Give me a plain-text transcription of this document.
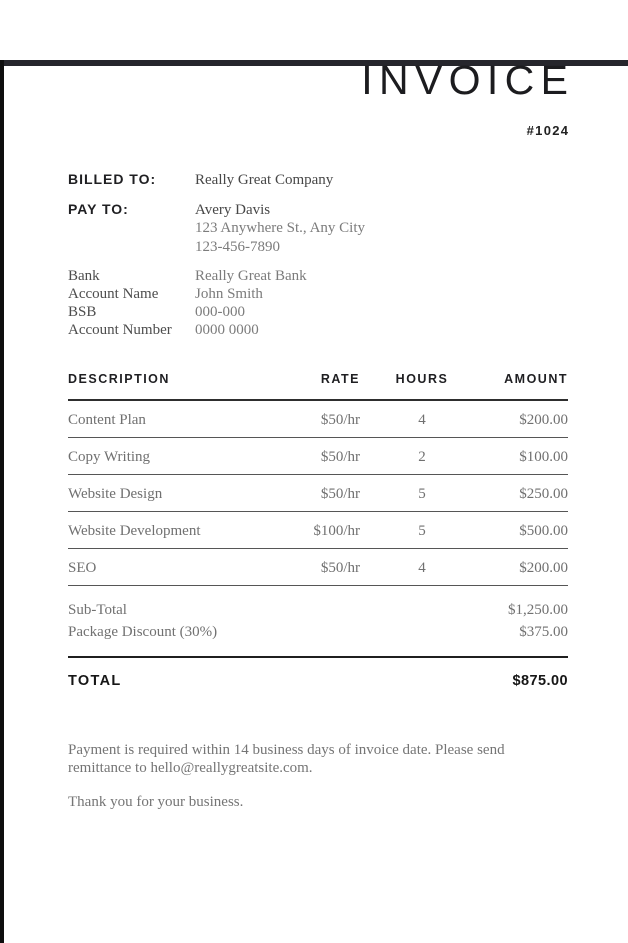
INVOICE
#1024
BILLED TO:	Really Great Company
PAY TO:	Avery Davis
123 Anywhere St., Any City
123-456-7890
Bank	Really Great Bank
Account Name	John Smith
BSB	000-000
Account Number	0000 0000
DESCRIPTION	RATE	HOURS	AMOUNT
Content Plan	$50/hr	4	$200.00
Copy Writing	$50/hr	2	$100.00
Website Design	$50/hr	5	$250.00
Website Development	$100/hr	5	$500.00
SEO	$50/hr	4	$200.00
Sub-Total	$1,250.00
Package Discount (30%)	$375.00
TOTAL	$875.00
Payment is required within 14 business days of invoice date. Please send remittance to hello@reallygreatsite.com.
Thank you for your business.
